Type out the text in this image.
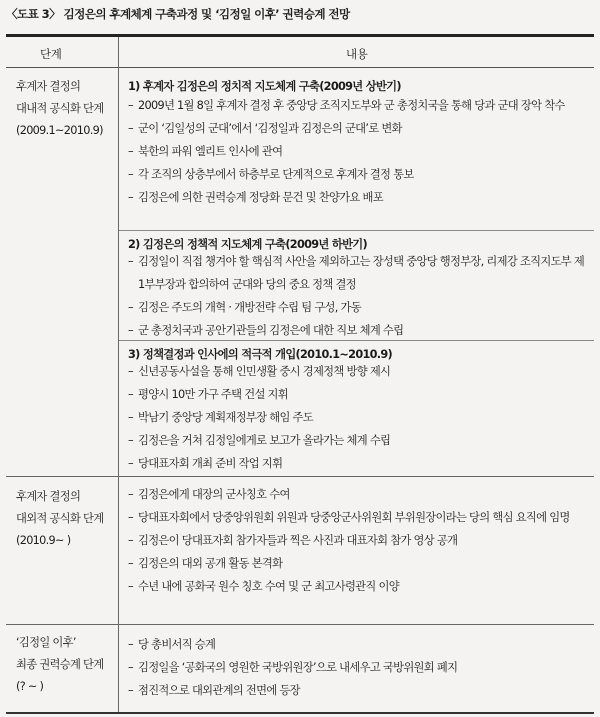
〈도표 3〉 김정은의 후계체계 구축과정 및 ‘김정일 이후’ 권력승계 전망
단계	내용
후계자 결정의
대내적 공식화 단계
(2009.1~2010.9)
1) 후계자 김정은의 정치적 지도체계 구축(2009년 상반기)
– 2009년 1월 8일 후계자 결정 후 중앙당 조직지도부와 군 총정치국을 통해 당과 군대 장악 착수
– 군이 ‘김일성의 군대’에서 ‘김정일과 김정은의 군대’로 변화
– 북한의 파워 엘리트 인사에 관여
– 각 조직의 상층부에서 하층부로 단계적으로 후계자 결정 통보
– 김정은에 의한 권력승계 정당화 문건 및 찬양가요 배포
2) 김정은의 정책적 지도체계 구축(2009년 하반기)
– 김정일이 직접 챙겨야 할 핵심적 사안을 제외하고는 장성택 중앙당 행정부장, 리제강 조직지도부 제1부부장과 합의하여 군대와 당의 중요 정책 결정
– 김정은 주도의 개혁 · 개방전략 수립 팀 구성, 가동
– 군 총정치국과 공안기관들의 김정은에 대한 직보 체계 수립
3) 정책결정과 인사에의 적극적 개입(2010.1~2010.9)
– 신년공동사설을 통해 인민생활 중시 경제정책 방향 제시
– 평양시 10만 가구 주택 건설 지휘
– 박남기 중앙당 계획재정부장 해임 주도
– 김정은을 거쳐 김정일에게로 보고가 올라가는 체계 수립
– 당대표자회 개최 준비 작업 지휘
후계자 결정의
대외적 공식화 단계
(2010.9~ )
– 김정은에게 대장의 군사칭호 수여
– 당대표자회에서 당중앙위원회 위원과 당중앙군사위원회 부위원장이라는 당의 핵심 요직에 임명
– 김정은이 당대표자회 참가자들과 찍은 사진과 대표자회 참가 영상 공개
– 김정은의 대외 공개 활동 본격화
– 수년 내에 공화국 원수 칭호 수여 및 군 최고사령관직 이양
‘김정일 이후’
최종 권력승계 단계
(? ~ )
– 당 총비서직 승계
– 김정일을 ‘공화국의 영원한 국방위원장’으로 내세우고 국방위원회 폐지
– 점진적으로 대외관계의 전면에 등장
